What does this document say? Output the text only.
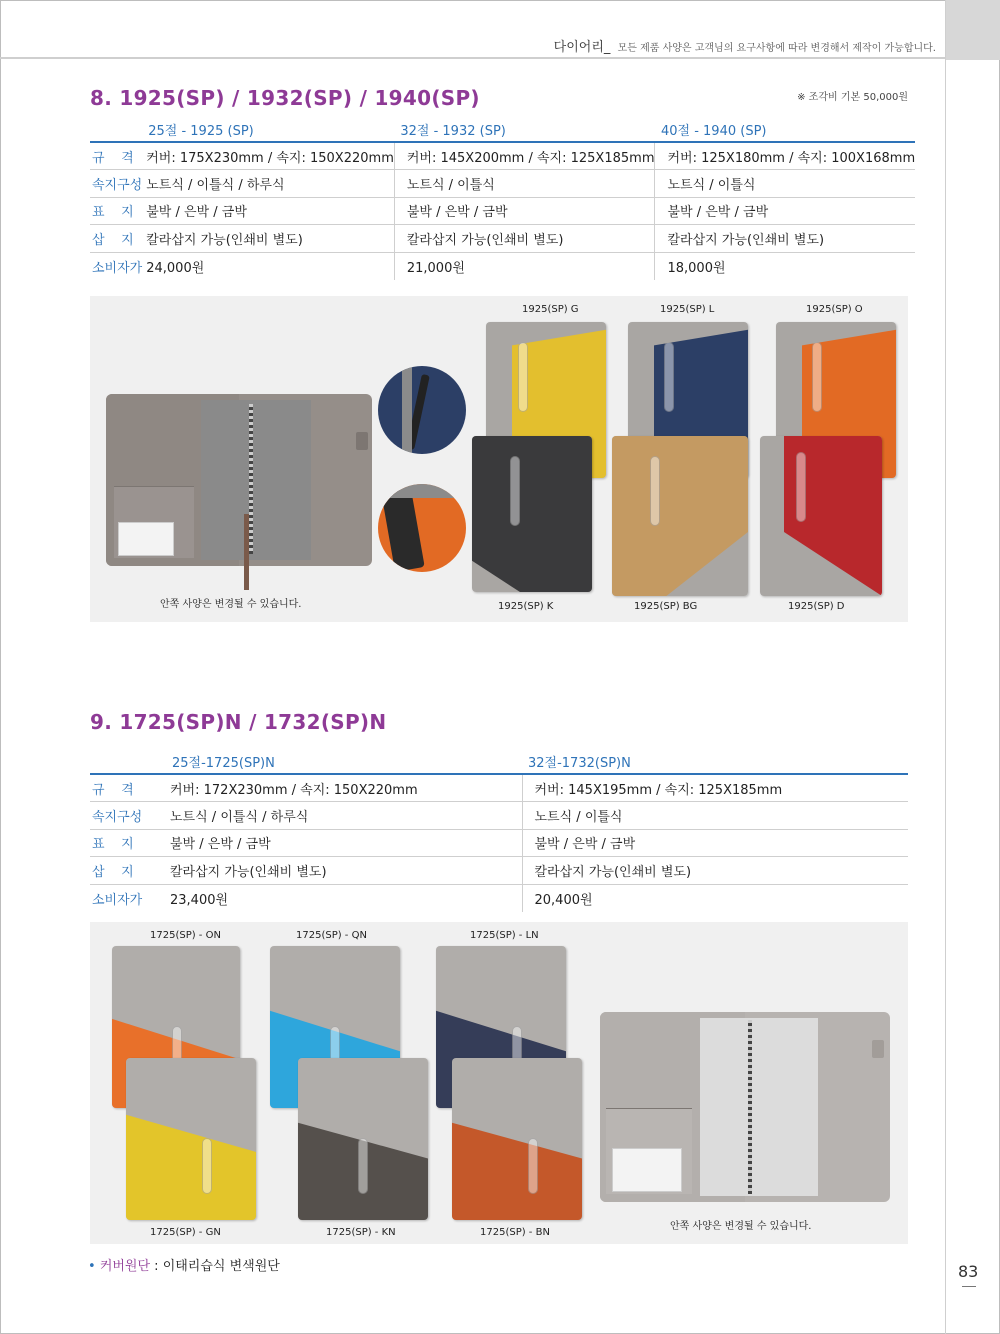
다이어리_ 모든 제품 사양은 고객님의 요구사항에 따라 변경해서 제작이 가능합니다.
8. 1925(SP) / 1932(SP) / 1940(SP)	※ 조각비 기본 50,000원
	25절 - 1925 (SP)	32절 - 1932 (SP)	40절 - 1940 (SP)
규    격	커버: 175X230mm / 속지: 150X220mm	커버: 145X200mm / 속지: 125X185mm	커버: 125X180mm / 속지: 100X168mm
속지구성	노트식 / 이틀식 / 하루식	노트식 / 이틀식	노트식 / 이틀식
표    지	불박 / 은박 / 금박	불박 / 은박 / 금박	불박 / 은박 / 금박
삽    지	칼라삽지 가능(인쇄비 별도)	칼라삽지 가능(인쇄비 별도)	칼라삽지 가능(인쇄비 별도)
소비자가	24,000원	21,000원	18,000원
안쪽 사양은 변경될 수 있습니다.
1925(SP) G	1925(SP) L	1925(SP) O
1925(SP) K	1925(SP) BG	1925(SP) D
9. 1725(SP)N / 1732(SP)N
	25절-1725(SP)N	32절-1732(SP)N
규    격	커버: 172X230mm / 속지: 150X220mm	커버: 145X195mm / 속지: 125X185mm
속지구성	노트식 / 이틀식 / 하루식	노트식 / 이틀식
표    지	불박 / 은박 / 금박	불박 / 은박 / 금박
삽    지	칼라삽지 가능(인쇄비 별도)	칼라삽지 가능(인쇄비 별도)
소비자가	23,400원	20,400원
1725(SP) - ON	1725(SP) - QN	1725(SP) - LN
1725(SP) - GN	1725(SP) - KN	1725(SP) - BN
안쪽 사양은 변경될 수 있습니다.
• 커버원단 : 이태리습식 변색원단	83
